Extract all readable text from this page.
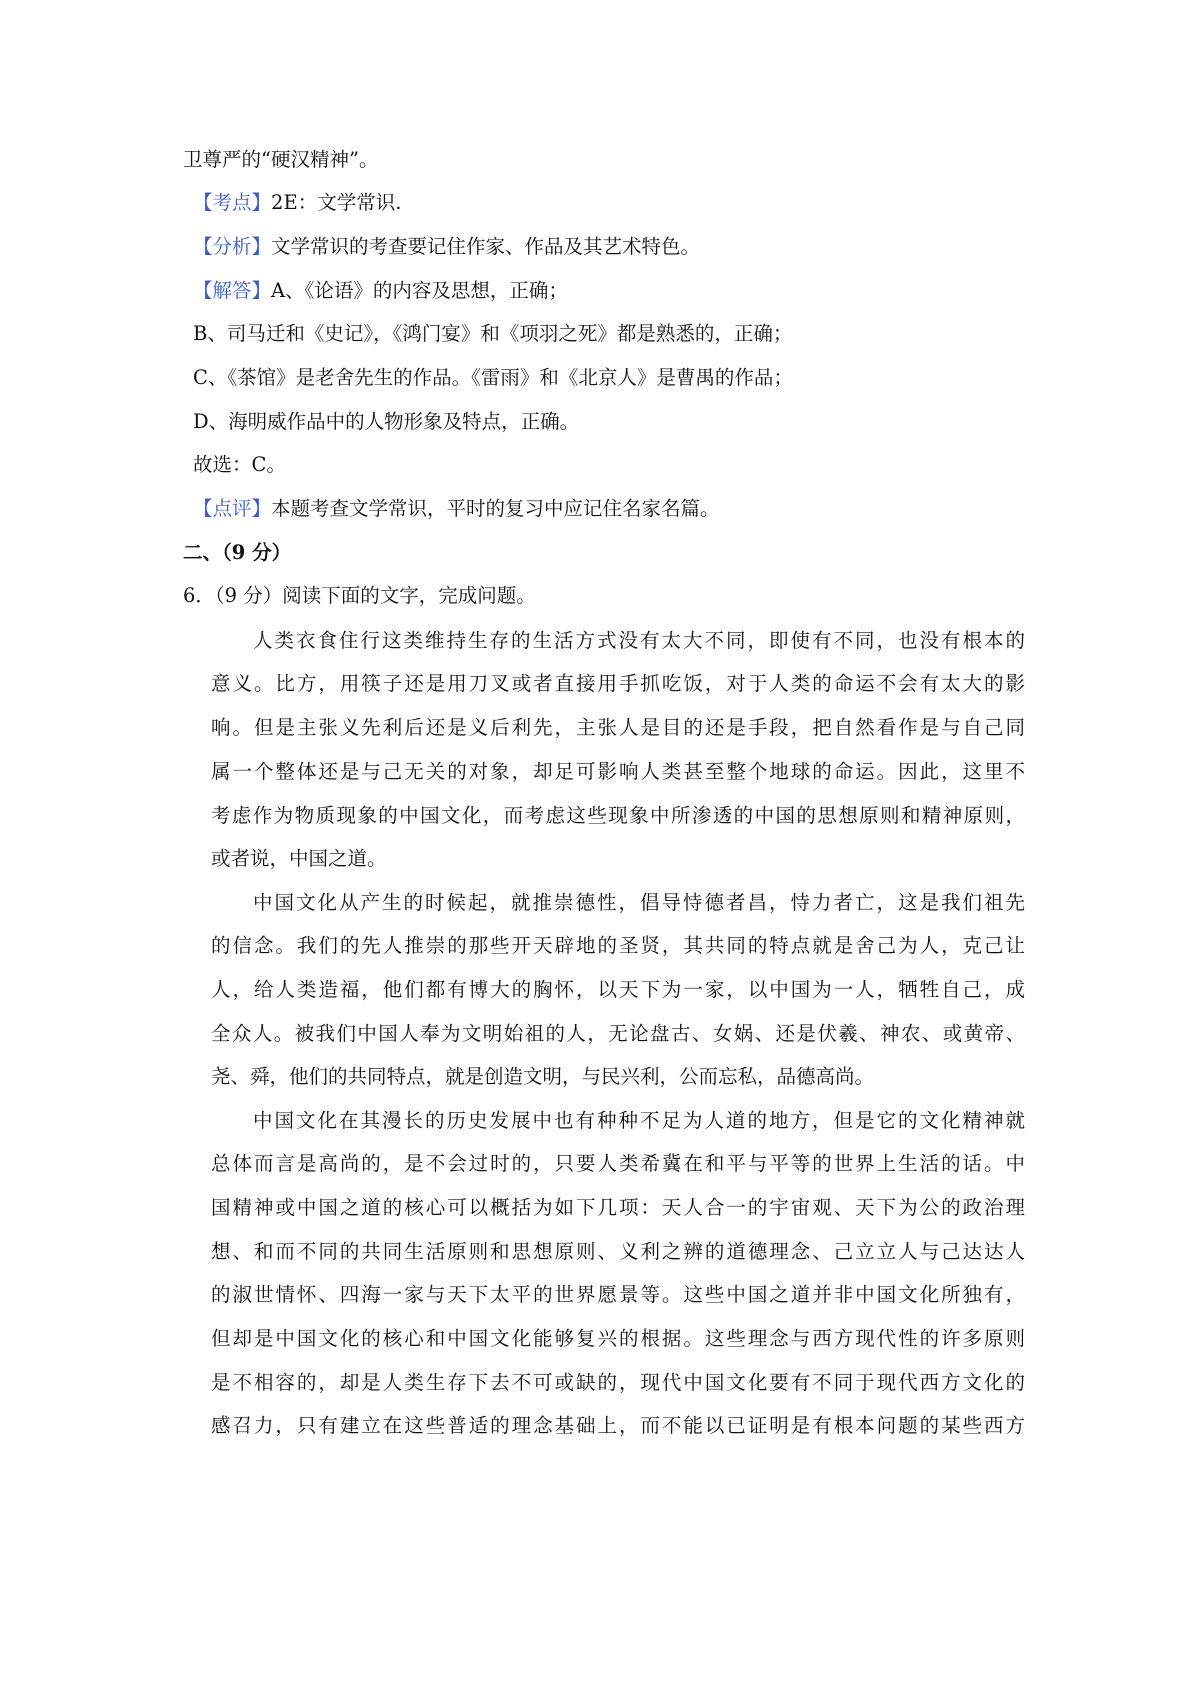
卫尊严的“硬汉精神”。
【考点】2E：文学常识.
【分析】文学常识的考查要记住作家、作品及其艺术特色。
【解答】A、《论语》的内容及思想，正确；
B、司马迁和《史记》，《鸿门宴》和《项羽之死》都是熟悉的，正确；
C、《茶馆》是老舍先生的作品。《雷雨》和《北京人》是曹禺的作品；
D、海明威作品中的人物形象及特点，正确。
故选：C。
【点评】本题考查文学常识，平时的复习中应记住名家名篇。
二、（9 分）
6．（9 分）阅读下面的文字，完成问题。
人类衣食住行这类维持生存的生活方式没有太大不同，即使有不同，也没有根本的
意义。比方，用筷子还是用刀叉或者直接用手抓吃饭，对于人类的命运不会有太大的影
响。但是主张义先利后还是义后利先，主张人是目的还是手段，把自然看作是与自己同
属一个整体还是与己无关的对象，却足可影响人类甚至整个地球的命运。因此，这里不
考虑作为物质现象的中国文化，而考虑这些现象中所渗透的中国的思想原则和精神原则，
或者说，中国之道。
中国文化从产生的时候起，就推崇德性，倡导恃德者昌，恃力者亡，这是我们祖先
的信念。我们的先人推崇的那些开天辟地的圣贤，其共同的特点就是舍己为人，克己让
人，给人类造福，他们都有博大的胸怀，以天下为一家，以中国为一人，牺牲自己，成
全众人。被我们中国人奉为文明始祖的人，无论盘古、女娲、还是伏羲、神农、或黄帝、
尧、舜，他们的共同特点，就是创造文明，与民兴利，公而忘私，品德高尚。
中国文化在其漫长的历史发展中也有种种不足为人道的地方，但是它的文化精神就
总体而言是高尚的，是不会过时的，只要人类希冀在和平与平等的世界上生活的话。中
国精神或中国之道的核心可以概括为如下几项：天人合一的宇宙观、天下为公的政治理
想、和而不同的共同生活原则和思想原则、义利之辨的道德理念、己立立人与己达达人
的淑世情怀、四海一家与天下太平的世界愿景等。这些中国之道并非中国文化所独有，
但却是中国文化的核心和中国文化能够复兴的根据。这些理念与西方现代性的许多原则
是不相容的，却是人类生存下去不可或缺的，现代中国文化要有不同于现代西方文化的
感召力，只有建立在这些普适的理念基础上，而不能以已证明是有根本问题的某些西方
